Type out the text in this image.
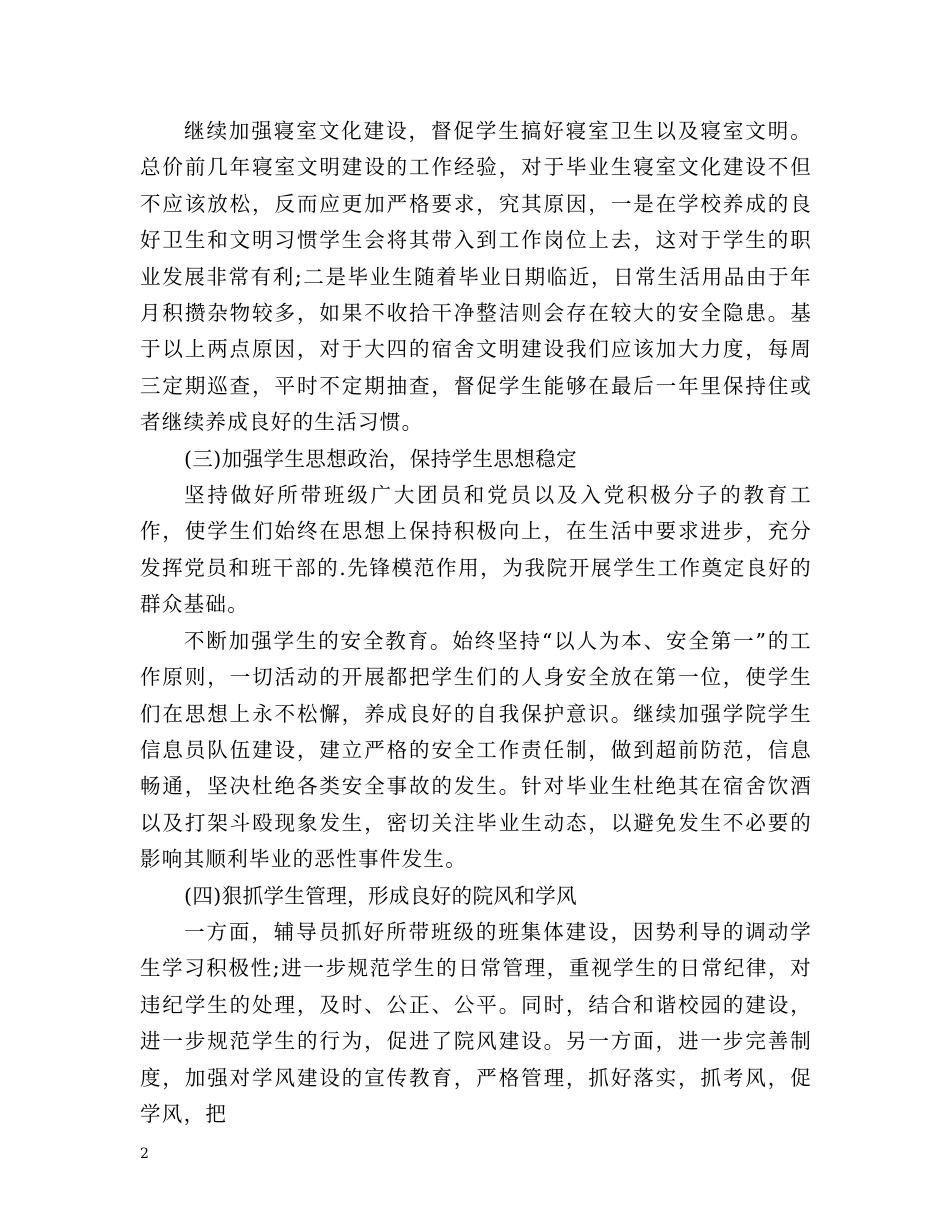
继续加强寝室文化建设，督促学生搞好寝室卫生以及寝室文明。总价前几年寝室文明建设的工作经验，对于毕业生寝室文化建设不但不应该放松，反而应更加严格要求，究其原因，一是在学校养成的良好卫生和文明习惯学生会将其带入到工作岗位上去，这对于学生的职业发展非常有利;二是毕业生随着毕业日期临近，日常生活用品由于年月积攒杂物较多，如果不收拾干净整洁则会存在较大的安全隐患。基于以上两点原因，对于大四的宿舍文明建设我们应该加大力度，每周三定期巡查，平时不定期抽查，督促学生能够在最后一年里保持住或者继续养成良好的生活习惯。

(三)加强学生思想政治，保持学生思想稳定

坚持做好所带班级广大团员和党员以及入党积极分子的教育工作，使学生们始终在思想上保持积极向上，在生活中要求进步，充分发挥党员和班干部的.先锋模范作用，为我院开展学生工作奠定良好的群众基础。

不断加强学生的安全教育。始终坚持“以人为本、安全第一”的工作原则，一切活动的开展都把学生们的人身安全放在第一位，使学生们在思想上永不松懈，养成良好的自我保护意识。继续加强学院学生信息员队伍建设，建立严格的安全工作责任制，做到超前防范，信息畅通，坚决杜绝各类安全事故的发生。针对毕业生杜绝其在宿舍饮酒以及打架斗殴现象发生，密切关注毕业生动态，以避免发生不必要的影响其顺利毕业的恶性事件发生。

(四)狠抓学生管理，形成良好的院风和学风

一方面，辅导员抓好所带班级的班集体建设，因势利导的调动学生学习积极性;进一步规范学生的日常管理，重视学生的日常纪律，对违纪学生的处理，及时、公正、公平。同时，结合和谐校园的建设，进一步规范学生的行为，促进了院风建设。另一方面，进一步完善制度，加强对学风建设的宣传教育，严格管理，抓好落实，抓考风，促学风，把

2
